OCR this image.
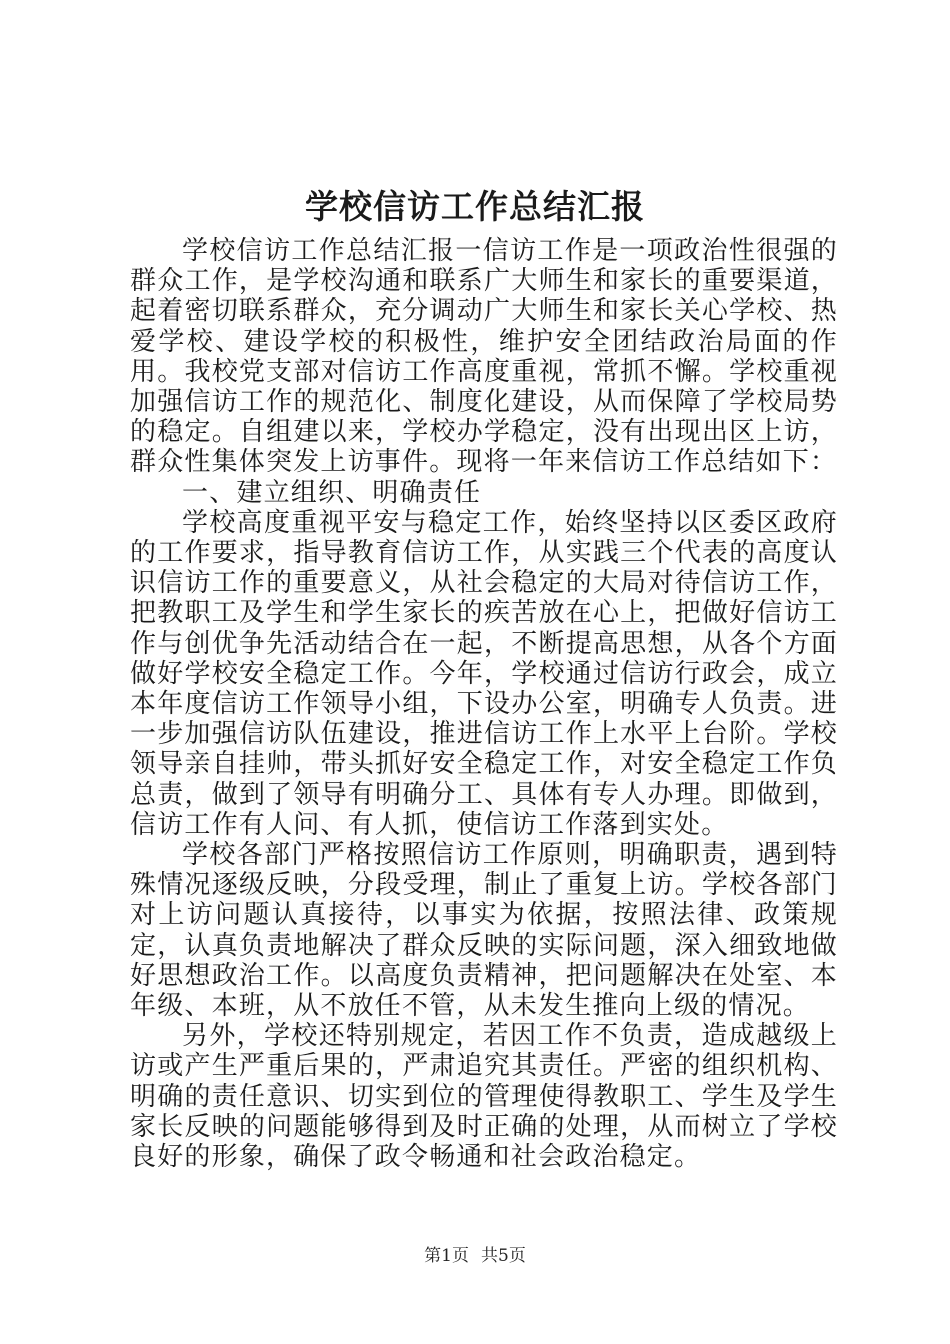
学校信访工作总结汇报

学校信访工作总结汇报一信访工作是一项政治性很强的群众工作，是学校沟通和联系广大师生和家长的重要渠道，起着密切联系群众，充分调动广大师生和家长关心学校、热爱学校、建设学校的积极性，维护安全团结政治局面的作用。我校党支部对信访工作高度重视，常抓不懈。学校重视加强信访工作的规范化、制度化建设，从而保障了学校局势的稳定。自组建以来，学校办学稳定，没有出现出区上访，群众性集体突发上访事件。现将一年来信访工作总结如下：

一、建立组织、明确责任

学校高度重视平安与稳定工作，始终坚持以区委区政府的工作要求，指导教育信访工作，从实践三个代表的高度认识信访工作的重要意义，从社会稳定的大局对待信访工作，把教职工及学生和学生家长的疾苦放在心上，把做好信访工作与创优争先活动结合在一起，不断提高思想，从各个方面做好学校安全稳定工作。今年，学校通过信访行政会，成立本年度信访工作领导小组，下设办公室，明确专人负责。进一步加强信访队伍建设，推进信访工作上水平上台阶。学校领导亲自挂帅，带头抓好安全稳定工作，对安全稳定工作负总责，做到了领导有明确分工、具体有专人办理。即做到，信访工作有人问、有人抓，使信访工作落到实处。

学校各部门严格按照信访工作原则，明确职责，遇到特殊情况逐级反映，分段受理，制止了重复上访。学校各部门对上访问题认真接待，以事实为依据，按照法律、政策规定，认真负责地解决了群众反映的实际问题，深入细致地做好思想政治工作。以高度负责精神，把问题解决在处室、本年级、本班，从不放任不管，从未发生推向上级的情况。

另外，学校还特别规定，若因工作不负责，造成越级上访或产生严重后果的，严肃追究其责任。严密的组织机构、明确的责任意识、切实到位的管理使得教职工、学生及学生家长反映的问题能够得到及时正确的处理，从而树立了学校良好的形象，确保了政令畅通和社会政治稳定。

第1页 共5页
